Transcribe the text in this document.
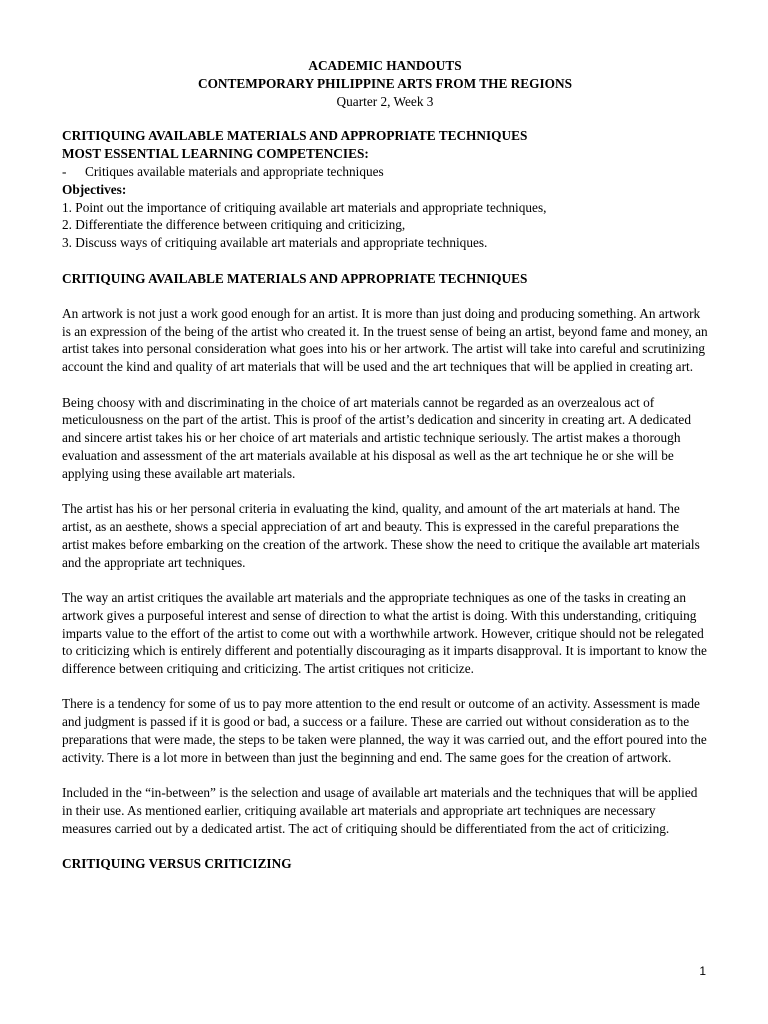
ACADEMIC HANDOUTS
CONTEMPORARY PHILIPPINE ARTS FROM THE REGIONS
Quarter 2, Week 3
CRITIQUING AVAILABLE MATERIALS AND APPROPRIATE TECHNIQUES
MOST ESSENTIAL LEARNING COMPETENCIES:
-	Critiques available materials and appropriate techniques
Objectives:
1. Point out the importance of critiquing available art materials and appropriate techniques,
2. Differentiate the difference between critiquing and criticizing,
3. Discuss ways of critiquing available art materials and appropriate techniques.
CRITIQUING AVAILABLE MATERIALS AND APPROPRIATE TECHNIQUES

An artwork is not just a work good enough for an artist. It is more than just doing and producing something. An artwork is an expression of the being of the artist who created it. In the truest sense of being an artist, beyond fame and money, an artist takes into personal consideration what goes into his or her artwork. The artist will take into careful and scrutinizing account the kind and quality of art materials that will be used and the art techniques that will be applied in creating art.

Being choosy with and discriminating in the choice of art materials cannot be regarded as an overzealous act of meticulousness on the part of the artist. This is proof of the artist’s dedication and sincerity in creating art. A dedicated and sincere artist takes his or her choice of art materials and artistic technique seriously. The artist makes a thorough evaluation and assessment of the art materials available at his disposal as well as the art technique he or she will be applying using these available art materials.

The artist has his or her personal criteria in evaluating the kind, quality, and amount of the art materials at hand. The artist, as an aesthete, shows a special appreciation of art and beauty. This is expressed in the careful preparations the artist makes before embarking on the creation of the artwork. These show the need to critique the available art materials and the appropriate art techniques.

The way an artist critiques the available art materials and the appropriate techniques as one of the tasks in creating an artwork gives a purposeful interest and sense of direction to what the artist is doing. With this understanding, critiquing imparts value to the effort of the artist to come out with a worthwhile artwork. However, critique should not be relegated to criticizing which is entirely different and potentially discouraging as it imparts disapproval. It is important to know the difference between critiquing and criticizing. The artist critiques not criticize.

There is a tendency for some of us to pay more attention to the end result or outcome of an activity. Assessment is made and judgment is passed if it is good or bad, a success or a failure. These are carried out without consideration as to the preparations that were made, the steps to be taken were planned, the way it was carried out, and the effort poured into the activity. There is a lot more in between than just the beginning and end. The same goes for the creation of artwork.

Included in the “in-between” is the selection and usage of available art materials and the techniques that will be applied in their use. As mentioned earlier, critiquing available art materials and appropriate art techniques are necessary measures carried out by a dedicated artist. The act of critiquing should be differentiated from the act of criticizing.

CRITIQUING VERSUS CRITICIZING
1
